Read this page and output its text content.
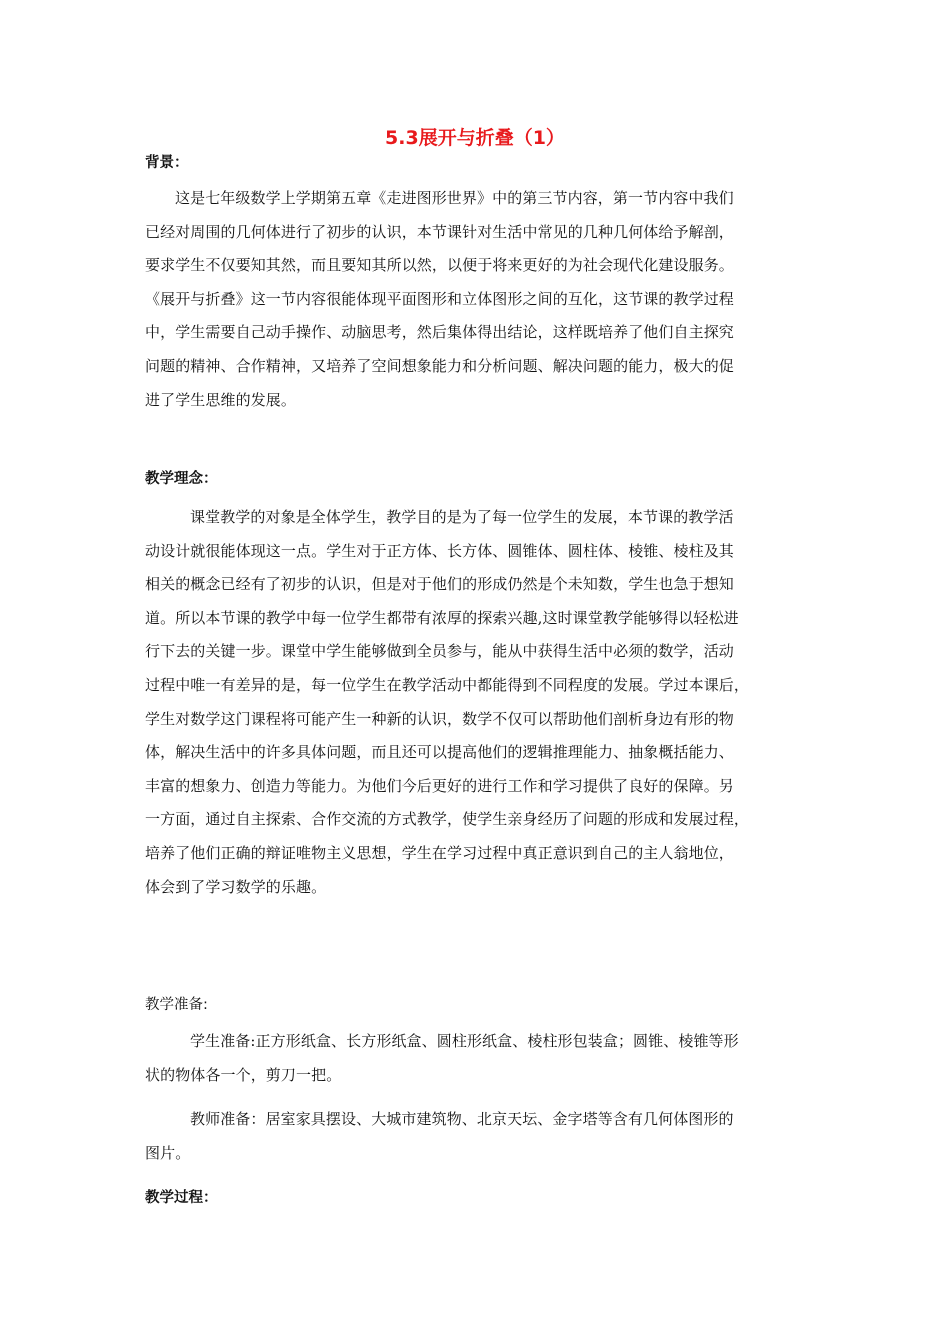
5.3展开与折叠（1）
背景：
这是七年级数学上学期第五章《走进图形世界》中的第三节内容，第一节内容中我们
已经对周围的几何体进行了初步的认识，本节课针对生活中常见的几种几何体给予解剖，
要求学生不仅要知其然，而且要知其所以然，以便于将来更好的为社会现代化建设服务。
《展开与折叠》这一节内容很能体现平面图形和立体图形之间的互化，这节课的教学过程
中，学生需要自己动手操作、动脑思考，然后集体得出结论，这样既培养了他们自主探究
问题的精神、合作精神，又培养了空间想象能力和分析问题、解决问题的能力，极大的促
进了学生思维的发展。
教学理念：
课堂教学的对象是全体学生，教学目的是为了每一位学生的发展，本节课的教学活
动设计就很能体现这一点。学生对于正方体、长方体、圆锥体、圆柱体、棱锥、棱柱及其
相关的概念已经有了初步的认识，但是对于他们的形成仍然是个未知数，学生也急于想知
道。所以本节课的教学中每一位学生都带有浓厚的探索兴趣,这时课堂教学能够得以轻松进
行下去的关键一步。课堂中学生能够做到全员参与，能从中获得生活中必须的数学，活动
过程中唯一有差异的是，每一位学生在教学活动中都能得到不同程度的发展。学过本课后，
学生对数学这门课程将可能产生一种新的认识，数学不仅可以帮助他们剖析身边有形的物
体，解决生活中的许多具体问题，而且还可以提高他们的逻辑推理能力、抽象概括能力、
丰富的想象力、创造力等能力。为他们今后更好的进行工作和学习提供了良好的保障。另
一方面，通过自主探索、合作交流的方式教学，使学生亲身经历了问题的形成和发展过程，
培养了他们正确的辩证唯物主义思想，学生在学习过程中真正意识到自己的主人翁地位，
体会到了学习数学的乐趣。
教学准备:
学生准备:正方形纸盒、长方形纸盒、圆柱形纸盒、棱柱形包装盒；圆锥、棱锥等形
状的物体各一个，剪刀一把。
教师准备：居室家具摆设、大城市建筑物、北京天坛、金字塔等含有几何体图形的
图片。
教学过程：
